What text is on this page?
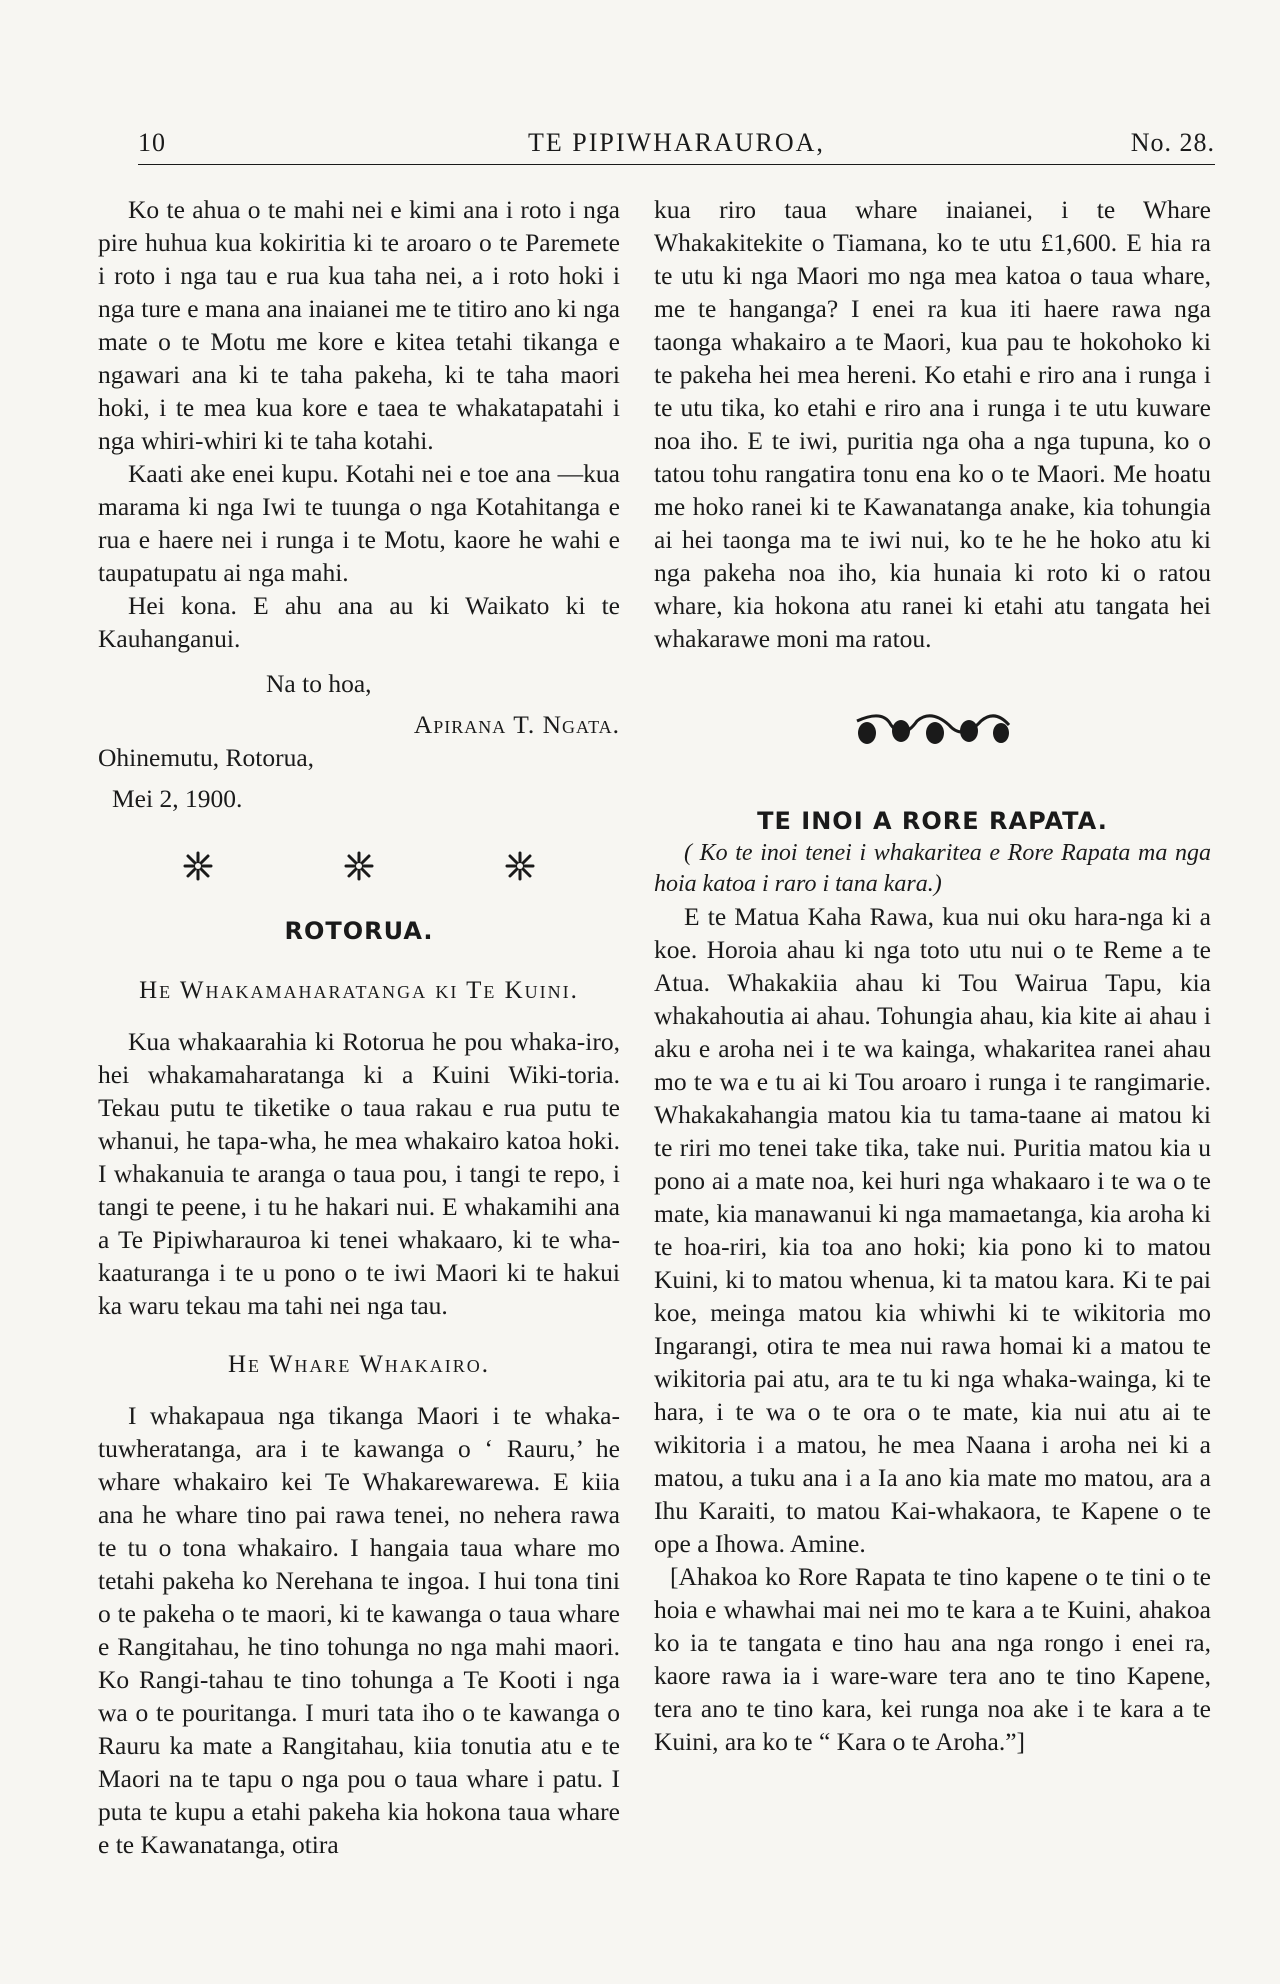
10	TE PIPIWHARAUROA,	No. 28.

Ko te ahua o te mahi nei e kimi ana i roto i nga pire huhua kua kokiritia ki te aroaro o te Paremete i roto i nga tau e rua kua taha nei, a i roto hoki i nga ture e mana ana inaianei me te titiro ano ki nga mate o te Motu me kore e kitea tetahi tikanga e ngawari ana ki te taha pakeha, ki te taha maori hoki, i te mea kua kore e taea te whakatapatahi i nga whiri-whiri ki te taha kotahi.

Kaati ake enei kupu. Kotahi nei e toe ana —kua marama ki nga Iwi te tuunga o nga Kotahitanga e rua e haere nei i runga i te Motu, kaore he wahi e taupatupatu ai nga mahi.

Hei kona. E ahu ana au ki Waikato ki te Kauhanganui.

Na to hoa,
Apirana T. Ngata.

Ohinemutu, Rotorua,

Mei 2, 1900.
ROTORUA.
He Whakamaharatanga ki Te Kuini.

Kua whakaarahia ki Rotorua he pou whaka-iro, hei whakamaharatanga ki a Kuini Wiki-toria. Tekau putu te tiketike o taua rakau e rua putu te whanui, he tapa-wha, he mea whakairo katoa hoki. I whakanuia te aranga o taua pou, i tangi te repo, i tangi te peene, i tu he hakari nui. E whakamihi ana a Te Pipiwharauroa ki tenei whakaaro, ki te wha-kaaturanga i te u pono o te iwi Maori ki te hakui ka waru tekau ma tahi nei nga tau.

He Whare Whakairo.

I whakapaua nga tikanga Maori i te whaka-tuwheratanga, ara i te kawanga o ‘ Rauru,’ he whare whakairo kei Te Whakarewarewa. E kiia ana he whare tino pai rawa tenei, no nehera rawa te tu o tona whakairo. I hangaia taua whare mo tetahi pakeha ko Nerehana te ingoa. I hui tona tini o te pakeha o te maori, ki te kawanga o taua whare e Rangitahau, he tino tohunga no nga mahi maori. Ko Rangi-tahau te tino tohunga a Te Kooti i nga wa o te pouritanga. I muri tata iho o te kawanga o Rauru ka mate a Rangitahau, kiia tonutia atu e te Maori na te tapu o nga pou o taua whare i patu. I puta te kupu a etahi pakeha kia hokona taua whare e te Kawanatanga, otira

kua riro taua whare inaianei, i te Whare Whakakitekite o Tiamana, ko te utu £1,600. E hia ra te utu ki nga Maori mo nga mea katoa o taua whare, me te hanganga? I enei ra kua iti haere rawa nga taonga whakairo a te Maori, kua pau te hokohoko ki te pakeha hei mea hereni. Ko etahi e riro ana i runga i te utu tika, ko etahi e riro ana i runga i te utu kuware noa iho. E te iwi, puritia nga oha a nga tupuna, ko o tatou tohu rangatira tonu ena ko o te Maori. Me hoatu me hoko ranei ki te Kawanatanga anake, kia tohungia ai hei taonga ma te iwi nui, ko te he he hoko atu ki nga pakeha noa iho, kia hunaia ki roto ki o ratou whare, kia hokona atu ranei ki etahi atu tangata hei whakarawe moni ma ratou.

TE INOI A RORE RAPATA.

( Ko te inoi tenei i whakaritea e Rore Rapata ma nga hoia katoa i raro i tana kara.)

E te Matua Kaha Rawa, kua nui oku hara-nga ki a koe. Horoia ahau ki nga toto utu nui o te Reme a te Atua. Whakakiia ahau ki Tou Wairua Tapu, kia whakahoutia ai ahau. Tohungia ahau, kia kite ai ahau i aku e aroha nei i te wa kainga, whakaritea ranei ahau mo te wa e tu ai ki Tou aroaro i runga i te rangimarie. Whakakahangia matou kia tu tama-taane ai matou ki te riri mo tenei take tika, take nui. Puritia matou kia u pono ai a mate noa, kei huri nga whakaaro i te wa o te mate, kia manawanui ki nga mamaetanga, kia aroha ki te hoa-riri, kia toa ano hoki; kia pono ki to matou Kuini, ki to matou whenua, ki ta matou kara. Ki te pai koe, meinga matou kia whiwhi ki te wikitoria mo Ingarangi, otira te mea nui rawa homai ki a matou te wikitoria pai atu, ara te tu ki nga whaka-wainga, ki te hara, i te wa o te ora o te mate, kia nui atu ai te wikitoria i a matou, he mea Naana i aroha nei ki a matou, a tuku ana i a Ia ano kia mate mo matou, ara a Ihu Karaiti, to matou Kai-whakaora, te Kapene o te ope a Ihowa. Amine.

[Ahakoa ko Rore Rapata te tino kapene o te tini o te hoia e whawhai mai nei mo te kara a te Kuini, ahakoa ko ia te tangata e tino hau ana nga rongo i enei ra, kaore rawa ia i ware-ware tera ano te tino Kapene, tera ano te tino kara, kei runga noa ake i te kara a te Kuini, ara ko te “ Kara o te Aroha.”]
